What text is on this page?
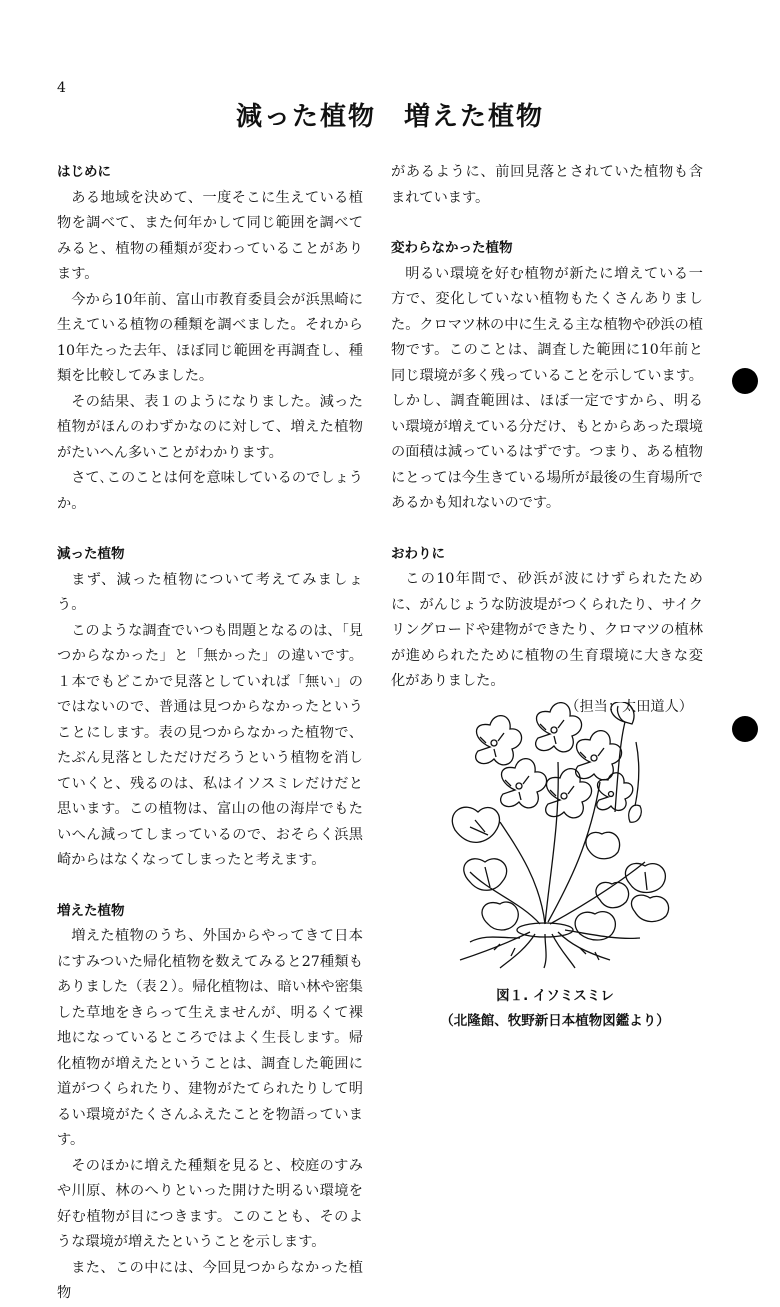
4
減った植物　増えた植物
はじめに

ある地域を決めて、一度そこに生えている植物を調べて、また何年かして同じ範囲を調べてみると、植物の種類が変わっていることがあります。

今から10年前、富山市教育委員会が浜黒崎に生えている植物の種類を調べました。それから10年たった去年、ほぼ同じ範囲を再調査し、種類を比較してみました。

その結果、表１のようになりました。減った植物がほんのわずかなのに対して、増えた植物がたいへん多いことがわかります。

さて､このことは何を意味しているのでしょうか。

減った植物

まず、減った植物について考えてみましょう。

このような調査でいつも問題となるのは、「見つからなかった」と「無かった」の違いです。１本でもどこかで見落としていれば「無い」のではないので、普通は見つからなかったということにします。表の見つからなかった植物で、たぶん見落としただけだろうという植物を消していくと、残るのは、私はイソスミレだけだと思います。この植物は、富山の他の海岸でもたいへん減ってしまっているので、おそらく浜黒崎からはなくなってしまったと考えます。

増えた植物

増えた植物のうち、外国からやってきて日本にすみついた帰化植物を数えてみると27種類もありました（表２）。帰化植物は、暗い林や密集した草地をきらって生えませんが、明るくて裸地になっているところではよく生長します。帰化植物が増えたということは、調査した範囲に道がつくられたり、建物がたてられたりして明るい環境がたくさんふえたことを物語っています。

そのほかに増えた種類を見ると、校庭のすみや川原、林のへりといった開けた明るい環境を好む植物が目につきます。このことも、そのような環境が増えたということを示します。

また、この中には、今回見つからなかった植物

があるように、前回見落とされていた植物も含まれています。

変わらなかった植物

明るい環境を好む植物が新たに増えている一方で、変化していない植物もたくさんありました。クロマツ林の中に生える主な植物や砂浜の植物です。このことは、調査した範囲に10年前と同じ環境が多く残っていることを示しています。しかし、調査範囲は、ほぼ一定ですから、明るい環境が増えている分だけ、もとからあった環境の面積は減っているはずです。つまり、ある植物にとっては今生きている場所が最後の生育場所であるかも知れないのです。

おわりに

この10年間で、砂浜が波にけずられたために、がんじょうな防波堤がつくられたり、サイクリングロードや建物ができたり、クロマツの植林が進められたために植物の生育環境に大きな変化がありました。

（担当：太田道人）

図１. イソミスミレ

（北隆館、牧野新日本植物図鑑より）
